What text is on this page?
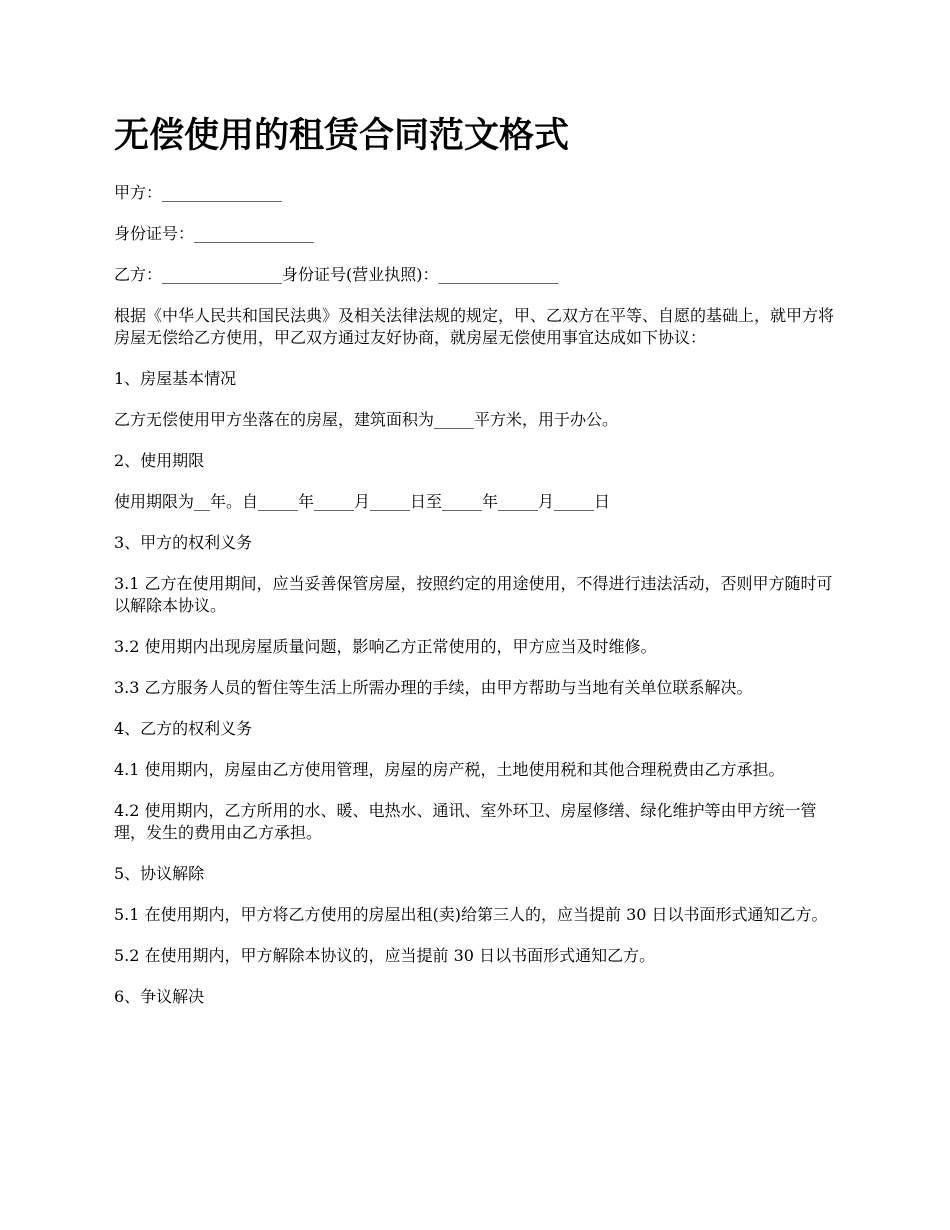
无偿使用的租赁合同范文格式

甲方：_______________

身份证号：_______________

乙方：_______________身份证号(营业执照)：_______________

根据《中华人民共和国民法典》及相关法律法规的规定，甲、乙双方在平等、自愿的基础上，就甲方将房屋无偿给乙方使用，甲乙双方通过友好协商，就房屋无偿使用事宜达成如下协议：

1、房屋基本情况

乙方无偿使用甲方坐落在的房屋，建筑面积为_____平方米，用于办公。

2、使用期限

使用期限为__年。自_____年_____月_____日至_____年_____月_____日

3、甲方的权利义务

3.1 乙方在使用期间，应当妥善保管房屋，按照约定的用途使用，不得进行违法活动，否则甲方随时可以解除本协议。

3.2 使用期内出现房屋质量问题，影响乙方正常使用的，甲方应当及时维修。

3.3 乙方服务人员的暂住等生活上所需办理的手续，由甲方帮助与当地有关单位联系解决。

4、乙方的权利义务

4.1 使用期内，房屋由乙方使用管理，房屋的房产税，土地使用税和其他合理税费由乙方承担。

4.2 使用期内，乙方所用的水、暖、电热水、通讯、室外环卫、房屋修缮、绿化维护等由甲方统一管理，发生的费用由乙方承担。

5、协议解除

5.1 在使用期内，甲方将乙方使用的房屋出租(卖)给第三人的，应当提前 30 日以书面形式通知乙方。

5.2 在使用期内，甲方解除本协议的，应当提前 30 日以书面形式通知乙方。

6、争议解决
